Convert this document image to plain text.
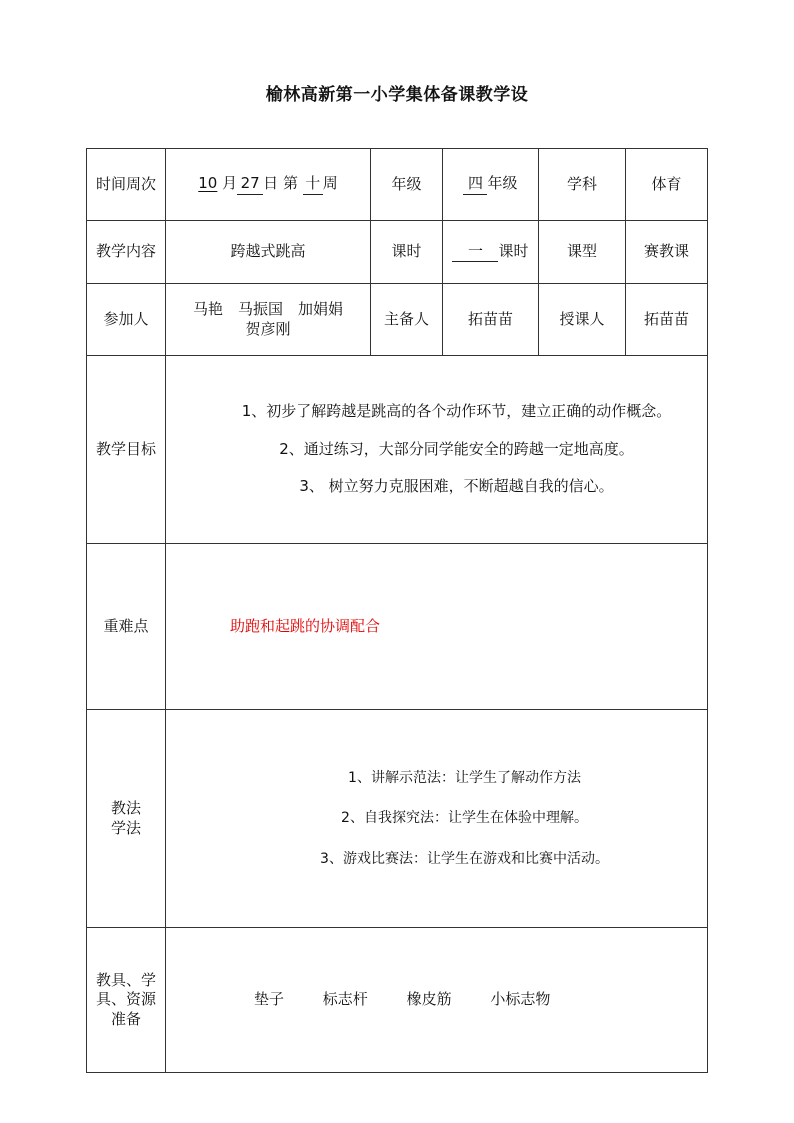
榆林高新第一小学集体备课教学设
时间周次	10 月 27 日 第 十 周	年级	四 年级	学科	体育
教学内容	跨越式跳高	课时	一 课时	课型	赛教课
参加人	马艳　马振国　加娟娟
贺彦刚	主备人	拓苗苗	授课人	拓苗苗
教学目标	1、初步了解跨越是跳高的各个动作环节，建立正确的动作概念。

2、通过练习，大部分同学能安全的跨越一定地高度。

3、 树立努力克服困难，不断超越自我的信心。				

重难点	助跑和起跳的协调配合				

教法
学法

1、讲解示范法：让学生了解动作方法

2、自我探究法：让学生在体验中理解。

3、游戏比赛法：让学生在游戏和比赛中活动。

教具、学
具、资源
准备	垫子 标志杆 橡皮筋 小标志物				
